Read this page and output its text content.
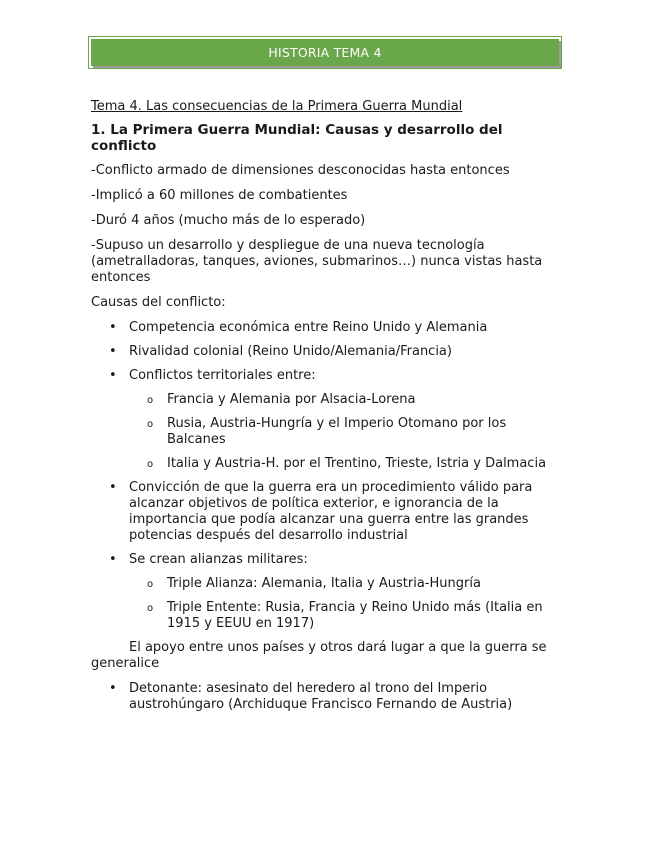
HISTORIA TEMA 4

Tema 4. Las consecuencias de la Primera Guerra Mundial

1. La Primera Guerra Mundial: Causas y desarrollo del conflicto

-Conflicto armado de dimensiones desconocidas hasta entonces

-Implicó a 60 millones de combatientes

-Duró 4 años (mucho más de lo esperado)

-Supuso un desarrollo y despliegue de una nueva tecnología (ametralladoras, tanques, aviones, submarinos…) nunca vistas hasta entonces

Causas del conflicto:

• Competencia económica entre Reino Unido y Alemania
• Rivalidad colonial (Reino Unido/Alemania/Francia)
• Conflictos territoriales entre:
o Francia y Alemania por Alsacia-Lorena
o Rusia, Austria-Hungría y el Imperio Otomano por los Balcanes
o Italia y Austria-H. por el Trentino, Trieste, Istria y Dalmacia
• Convicción de que la guerra era un procedimiento válido para alcanzar objetivos de política exterior, e ignorancia de la importancia que podía alcanzar una guerra entre las grandes potencias después del desarrollo industrial
• Se crean alianzas militares:
o Triple Alianza: Alemania, Italia y Austria-Hungría
o Triple Entente: Rusia, Francia y Reino Unido más (Italia en 1915 y EEUU en 1917)

El apoyo entre unos países y otros dará lugar a que la guerra se generalice

• Detonante: asesinato del heredero al trono del Imperio austrohúngaro (Archiduque Francisco Fernando de Austria)
